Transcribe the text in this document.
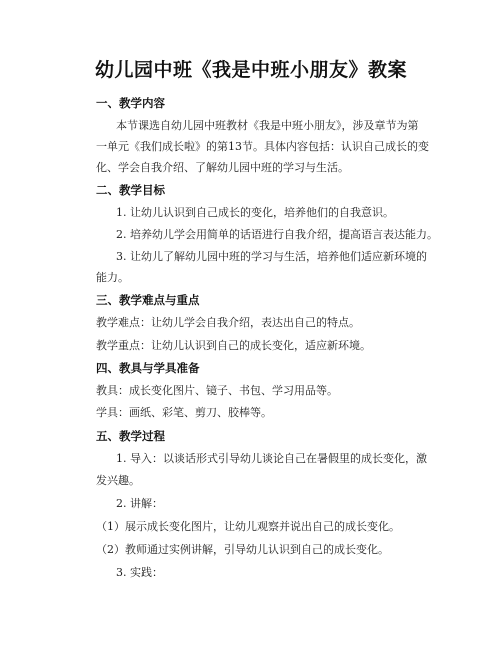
幼儿园中班《我是中班小朋友》教案
一、教学内容
本节课选自幼儿园中班教材《我是中班小朋友》，涉及章节为第
一单元《我们成长啦》的第13节。具体内容包括：认识自己成长的变
化、学会自我介绍、了解幼儿园中班的学习与生活。
二、教学目标
1. 让幼儿认识到自己成长的变化，培养他们的自我意识。
2. 培养幼儿学会用简单的话语进行自我介绍，提高语言表达能力。
3. 让幼儿了解幼儿园中班的学习与生活，培养他们适应新环境的
能力。
三、教学难点与重点
教学难点：让幼儿学会自我介绍，表达出自己的特点。
教学重点：让幼儿认识到自己的成长变化，适应新环境。
四、教具与学具准备
教具：成长变化图片、镜子、书包、学习用品等。
学具：画纸、彩笔、剪刀、胶棒等。
五、教学过程
1. 导入：以谈话形式引导幼儿谈论自己在暑假里的成长变化，激
发兴趣。
2. 讲解：
（1）展示成长变化图片，让幼儿观察并说出自己的成长变化。
（2）教师通过实例讲解，引导幼儿认识到自己的成长变化。
3. 实践：
